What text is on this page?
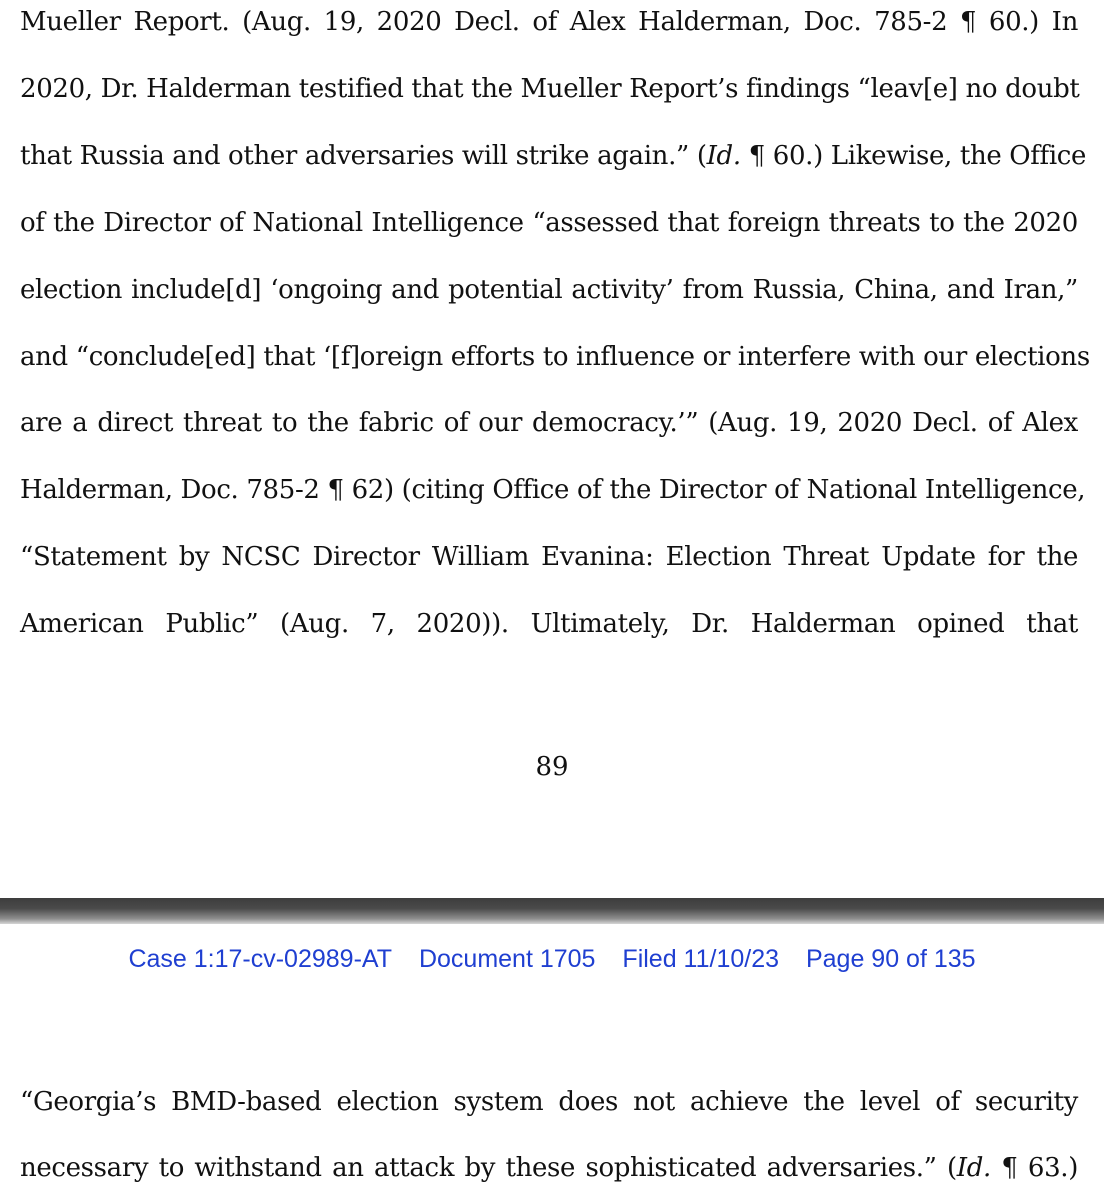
Mueller Report. (Aug. 19, 2020 Decl. of Alex Halderman, Doc. 785-2 ¶ 60.) In
2020, Dr. Halderman testified that the Mueller Report’s findings “leav[e] no doubt
that Russia and other adversaries will strike again.” (Id. ¶ 60.) Likewise, the Office
of the Director of National Intelligence “assessed that foreign threats to the 2020
election include[d] ‘ongoing and potential activity’ from Russia, China, and Iran,”
and “conclude[ed] that ‘[f]oreign efforts to influence or interfere with our elections
are a direct threat to the fabric of our democracy.’” (Aug. 19, 2020 Decl. of Alex
Halderman, Doc. 785-2 ¶ 62) (citing Office of the Director of National Intelligence,
“Statement by NCSC Director William Evanina: Election Threat Update for the
American Public” (Aug. 7, 2020)). Ultimately, Dr. Halderman opined that
89
Case 1:17-cv-02989-AT Document 1705 Filed 11/10/23 Page 90 of 135
“Georgia’s BMD-based election system does not achieve the level of security
necessary to withstand an attack by these sophisticated adversaries.” (Id. ¶ 63.)
